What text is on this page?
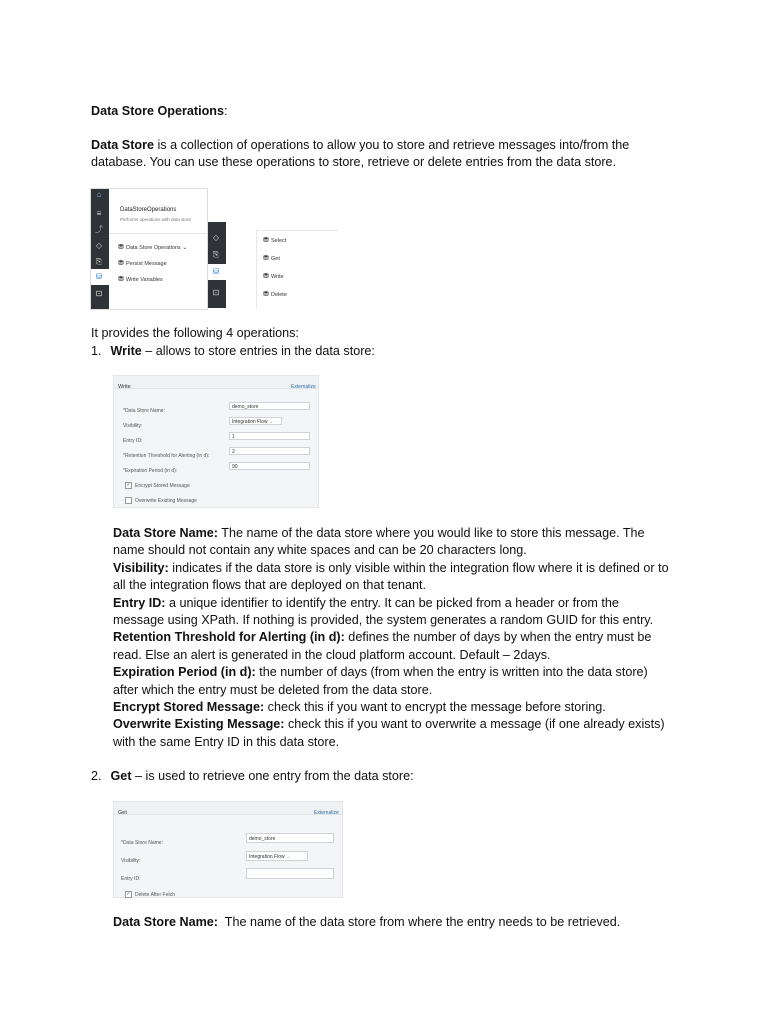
Data Store Operations:
Data Store is a collection of operations to allow you to store and retrieve messages into/from the database. You can use these operations to store, retrieve or delete entries from the data store.
⌂
≡
⤴
◇
⎘
⛁
⊡
DataStoreOperations
Performs operations with data store
⛃ Data Store Operations ⌄
⛃ Persist Message
⛃ Write Variables
◇
⎘
⛁
⊡
⛃ Select
⛃ Get
⛃ Write
⛃ Delete
It provides the following 4 operations:
1. Write – allows to store entries in the data store:
Write	Externalize
*Data Store Name:
demo_store
Visibility:
Integration Flow ⌄
Entry ID:
1
*Retention Threshold for Alerting (in d):
2
*Expiration Period (in d):
90
✓ Encrypt Stored Message
Overwrite Existing Message

Data Store Name: The name of the data store where you would like to store this message. The name should not contain any white spaces and can be 20 characters long.

Visibility: indicates if the data store is only visible within the integration flow where it is defined or to all the integration flows that are deployed on that tenant.

Entry ID: a unique identifier to identify the entry. It can be picked from a header or from the message using XPath. If nothing is provided, the system generates a random GUID for this entry.

Retention Threshold for Alerting (in d): defines the number of days by when the entry must be read. Else an alert is generated in the cloud platform account. Default – 2days.

Expiration Period (in d): the number of days (from when the entry is written into the data store) after which the entry must be deleted from the data store.

Encrypt Stored Message: check this if you want to encrypt the message before storing.

Overwrite Existing Message: check this if you want to overwrite a message (if one already exists) with the same Entry ID in this data store.

2. Get – is used to retrieve one entry from the data store:
Get	Externalize
*Data Store Name:
demo_store
Visibility:
Integration Flow ⌄
Entry ID:
✓ Delete After Fetch

Data Store Name:  The name of the data store from where the entry needs to be retrieved.
